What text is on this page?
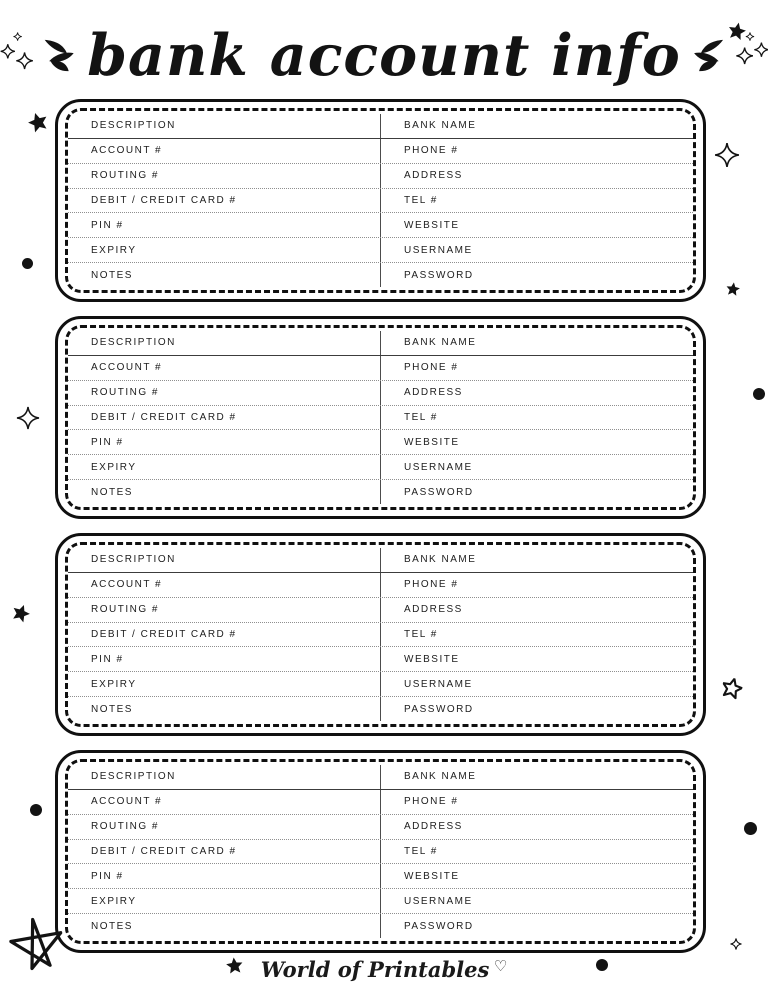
bank account info
DESCRIPTION	BANK NAME
ACCOUNT #	PHONE #
ROUTING #	ADDRESS
DEBIT / CREDIT CARD #	TEL #
PIN #	WEBSITE
EXPIRY	USERNAME
NOTES	PASSWORD
DESCRIPTION	BANK NAME
ACCOUNT #	PHONE #
ROUTING #	ADDRESS
DEBIT / CREDIT CARD #	TEL #
PIN #	WEBSITE
EXPIRY	USERNAME
NOTES	PASSWORD
DESCRIPTION	BANK NAME
ACCOUNT #	PHONE #
ROUTING #	ADDRESS
DEBIT / CREDIT CARD #	TEL #
PIN #	WEBSITE
EXPIRY	USERNAME
NOTES	PASSWORD
DESCRIPTION	BANK NAME
ACCOUNT #	PHONE #
ROUTING #	ADDRESS
DEBIT / CREDIT CARD #	TEL #
PIN #	WEBSITE
EXPIRY	USERNAME
NOTES	PASSWORD
World of Printables ♡
